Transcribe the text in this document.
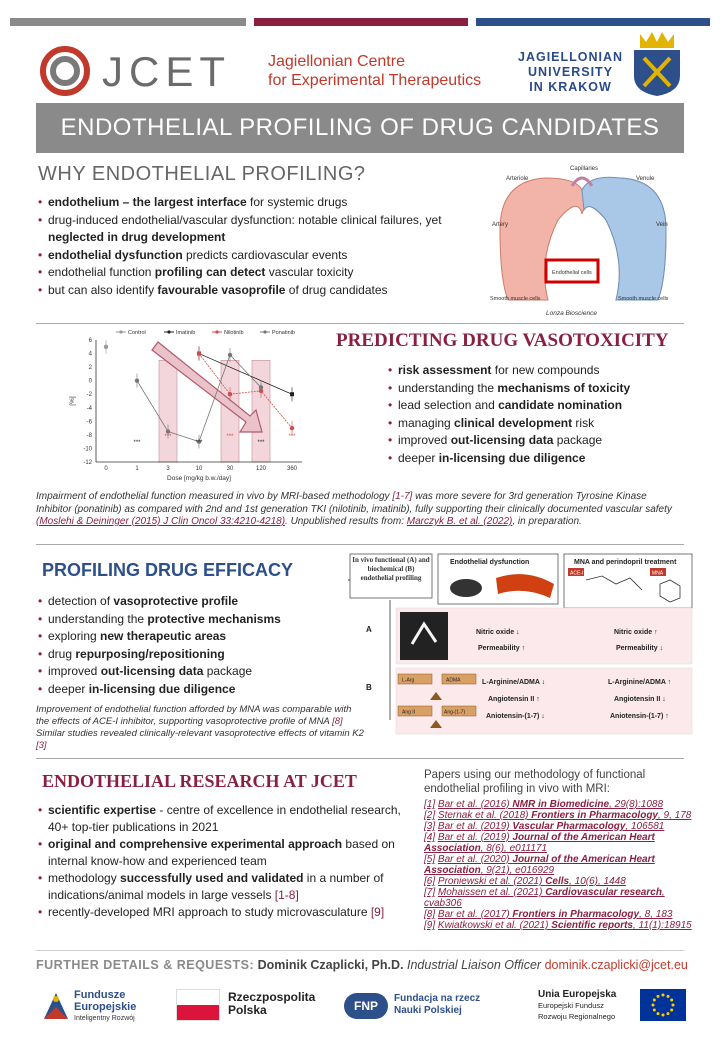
JCET Jagiellonian Centre
for Experimental Therapeutics
JAGIELLONIAN
UNIVERSITY
IN KRAKOW
ENDOTHELIAL PROFILING OF DRUG CANDIDATES
WHY ENDOTHELIAL PROFILING?
• endothelium – the largest interface for systemic drugs
• drug-induced endothelial/vascular dysfunction: notable clinical failures, yet neglected in drug development
• endothelial dysfunction predicts cardiovascular events
• endothelial function profiling can detect vascular toxicity
• but can also identify favourable vasoprofile of drug candidates
Arteriole
Capillaries
Venule
Artery	Vein
Endothelial cells
Smooth muscle cells	Smooth muscle cells
Lonza Bioscience
6
4
2
0
-2
-4
-6
-8
-10
-12
0	1	3	10	30	120	360
Dose [mg/kg b.w./day]
[%]
Control	Imatinib	Nilotinib	Ponatinib
***
***
***
***
***
***
PREDICTING DRUG VASOTOXICITY
• risk assessment for new compounds
• understanding the mechanisms of toxicity
• lead selection and candidate nomination
• managing clinical development risk
• improved out-licensing data package
• deeper in-licensing due diligence
Impairment of endothelial function measured in vivo by MRI-based methodology [1-7] was more severe for 3rd generation Tyrosine Kinase Inhibitor (ponatinib) as compared with 2nd and 1st generation TKI (nilotinib, imatinib), fully supporting their clinically documented vascular safety (Moslehi & Deininger (2015) J Clin Oncol 33:4210-4218). Unpublished results from: Marczyk B. et al. (2022), in preparation.
PROFILING DRUG EFFICACY
• detection of vasoprotective profile
• understanding the protective mechanisms
• exploring new therapeutic areas
• drug repurposing/repositioning
• improved out-licensing data package
• deeper in-licensing due diligence
Improvement of endothelial function afforded by MNA was comparable with the effects of ACE-I inhibitor, supporting vasoprotective profile of MNA [8]
Similar studies revealed clinically-relevant vasoprotective effects of vitamin K2 [3]
In vivo functional (A) and biochemical (B) endothelial profiling
Endothelial dysfunction	MNA and perindopril treatment
ACE-I	MNA
A
B
Nitric oxide ↓
Permeability ↑
Nitric oxide ↑
Permeability ↓
L-Arg	ADMA
Ang II	Ang-(1-7)
L-Arginine/ADMA ↓
Angiotensin II ↑
Aniotensin-(1-7) ↓
L-Arginine/ADMA ↑
Angiotensin II ↓
Aniotensin-(1-7) ↑
ENDOTHELIAL RESEARCH AT JCET
• scientific expertise - centre of excellence in endothelial research, 40+ top-tier publications in 2021
• original and comprehensive experimental approach based on internal know-how and experienced team
• methodology successfully used and validated in a number of indications/animal models in large vessels [1-8]
• recently-developed MRI approach to study microvasculature [9]
Papers using our methodology of functional endothelial profiling in vivo with MRI:
[1] Bar et al. (2016) NMR in Biomedicine, 29(8):1088
[2] Sternak et al. (2018) Frontiers in Pharmacology, 9, 178
[3] Bar et al. (2019) Vascular Pharmacology, 106581
[4] Bar et al. (2019) Journal of the American Heart Association, 8(6), e011171
[5] Bar et al. (2020) Journal of the American Heart Association, 9(21), e016929
[6] Proniewski et al. (2021) Cells, 10(6), 1448
[7] Mohaissen et al. (2021) Cardiovascular research, cvab306
[8] Bar et al. (2017) Frontiers in Pharmacology, 8, 183
[9] Kwiatkowski et al. (2021) Scientific reports, 11(1):18915
FURTHER DETAILS & REQUESTS: Dominik Czaplicki, Ph.D. Industrial Liaison Officer dominik.czaplicki@jcet.eu
Fundusze
Europejskie
Inteligentny Rozwój
Rzeczpospolita
Polska	FNP
Fundacja na rzecz
Nauki Polskiej
Unia Europejska
Europejski Fundusz
Rozwoju Regionalnego
